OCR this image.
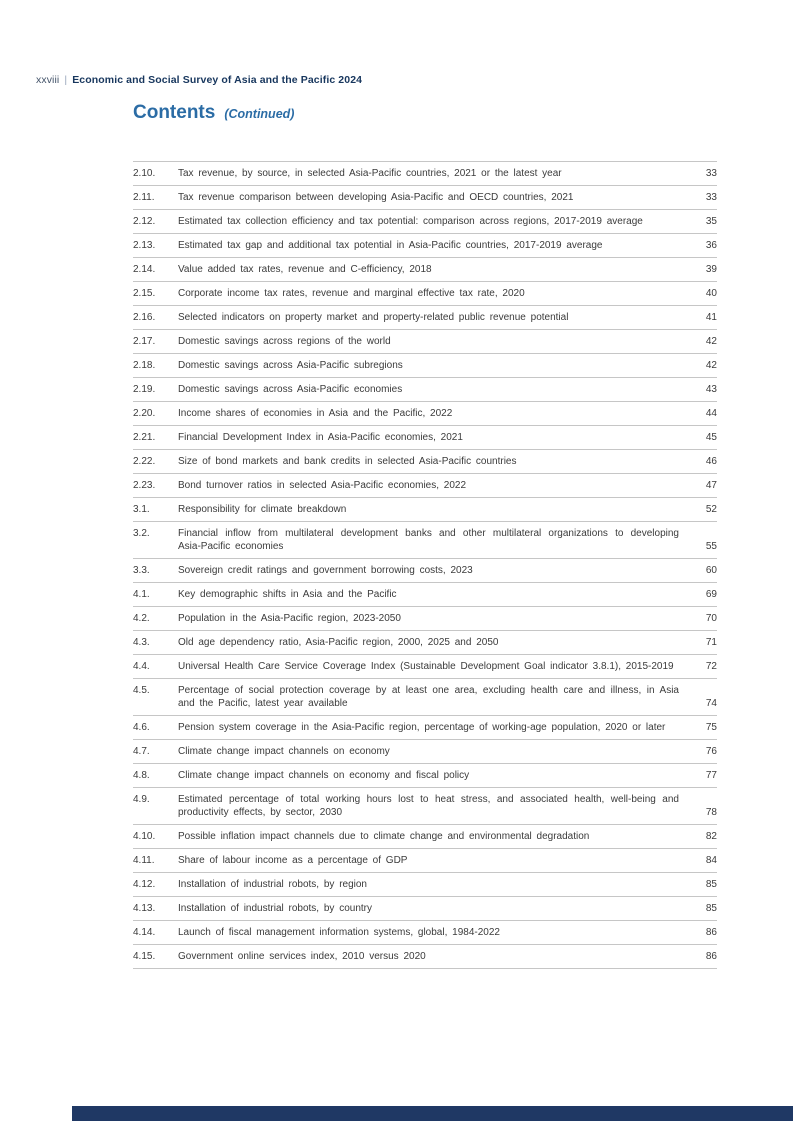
xxviii | Economic and Social Survey of Asia and the Pacific 2024
Contents (Continued)
2.10.	Tax revenue, by source, in selected Asia-Pacific countries, 2021 or the latest year	33
2.11.	Tax revenue comparison between developing Asia-Pacific and OECD countries, 2021	33
2.12.	Estimated tax collection efficiency and tax potential: comparison across regions, 2017-2019 average	35
2.13.	Estimated tax gap and additional tax potential in Asia-Pacific countries, 2017-2019 average	36
2.14.	Value added tax rates, revenue and C-efficiency, 2018	39
2.15.	Corporate income tax rates, revenue and marginal effective tax rate, 2020	40
2.16.	Selected indicators on property market and property-related public revenue potential	41
2.17.	Domestic savings across regions of the world	42
2.18.	Domestic savings across Asia-Pacific subregions	42
2.19.	Domestic savings across Asia-Pacific economies	43
2.20.	Income shares of economies in Asia and the Pacific, 2022	44
2.21.	Financial Development Index in Asia-Pacific economies, 2021	45
2.22.	Size of bond markets and bank credits in selected Asia-Pacific countries	46
2.23.	Bond turnover ratios in selected Asia-Pacific economies, 2022	47
3.1.	Responsibility for climate breakdown	52
3.2.	Financial inflow from multilateral development banks and other multilateral organizations to developing Asia-Pacific economies	55
3.3.	Sovereign credit ratings and government borrowing costs, 2023	60
4.1.	Key demographic shifts in Asia and the Pacific	69
4.2.	Population in the Asia-Pacific region, 2023-2050	70
4.3.	Old age dependency ratio, Asia-Pacific region, 2000, 2025 and 2050	71
4.4.	Universal Health Care Service Coverage Index (Sustainable Development Goal indicator 3.8.1), 2015-2019	72
4.5.	Percentage of social protection coverage by at least one area, excluding health care and illness, in Asia and the Pacific, latest year available	74
4.6.	Pension system coverage in the Asia-Pacific region, percentage of working-age population, 2020 or later	75
4.7.	Climate change impact channels on economy	76
4.8.	Climate change impact channels on economy and fiscal policy	77
4.9.	Estimated percentage of total working hours lost to heat stress, and associated health, well-being and productivity effects, by sector, 2030	78
4.10.	Possible inflation impact channels due to climate change and environmental degradation	82
4.11.	Share of labour income as a percentage of GDP	84
4.12.	Installation of industrial robots, by region	85
4.13.	Installation of industrial robots, by country	85
4.14.	Launch of fiscal management information systems, global, 1984-2022	86
4.15.	Government online services index, 2010 versus 2020	86
